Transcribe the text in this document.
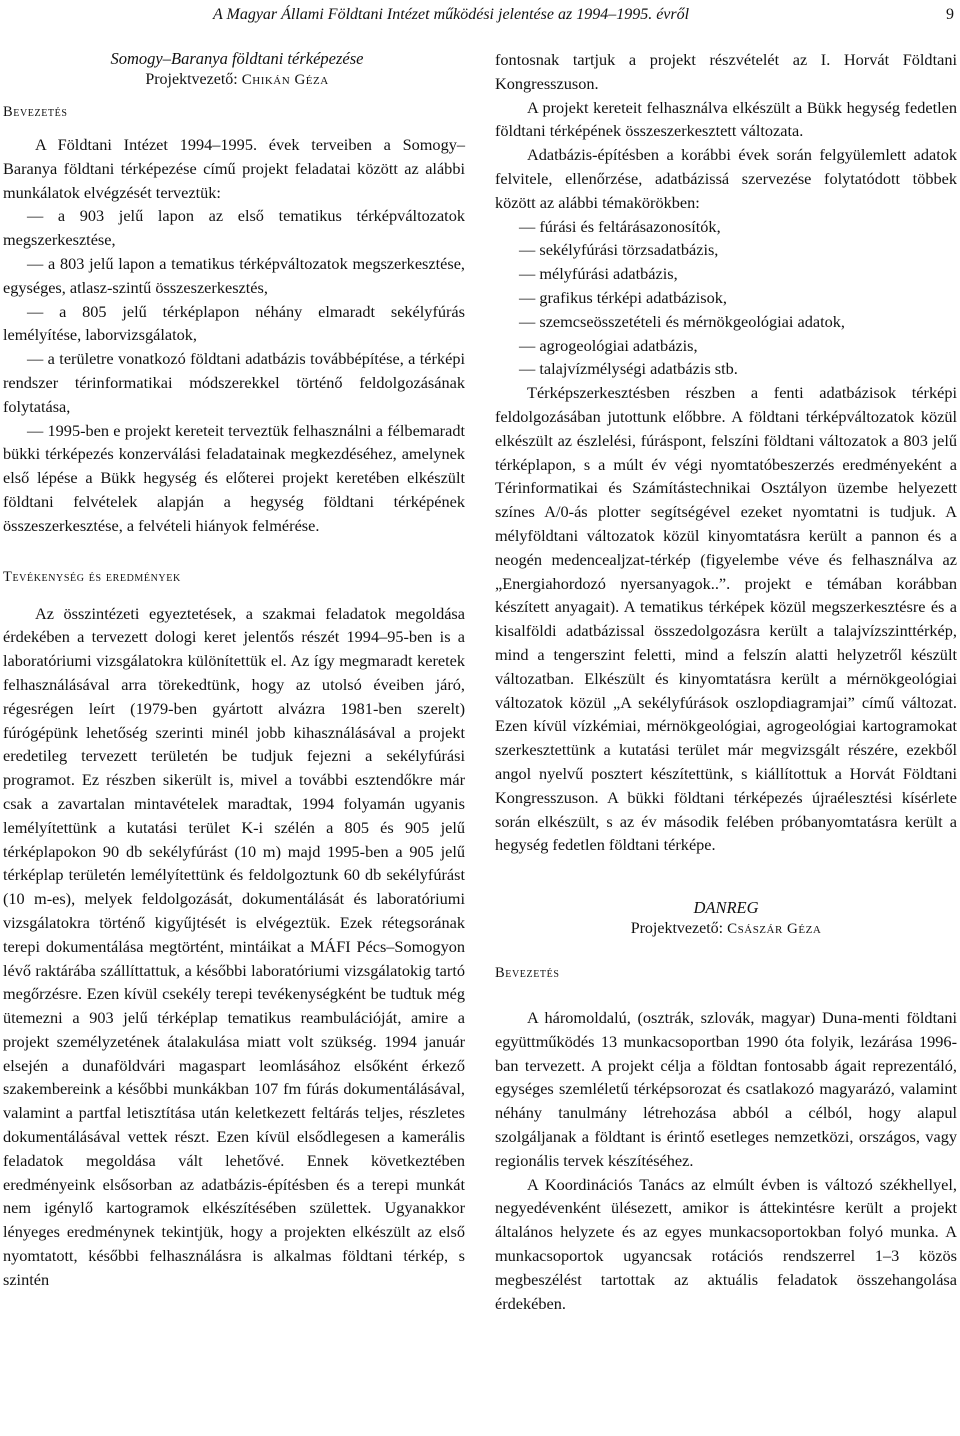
A Magyar Állami Földtani Intézet működési jelentése az 1994–1995. évről	9
Somogy–Baranya földtani térképezése
Projektvezető: Chikán Géza
Bevezetés

A Földtani Intézet 1994–1995. évek terveiben a Somogy–Baranya földtani térképezése című projekt feladatai között az alábbi munkálatok elvégzését terveztük:

— a 903 jelű lapon az első tematikus térképváltozatok megszerkesztése,

— a 803 jelű lapon a tematikus térképváltozatok megszerkesztése, egységes, atlasz-szintű összeszerkesztés,

— a 805 jelű térképlapon néhány elmaradt sekélyfúrás lemélyítése, laborvizsgálatok,

— a területre vonatkozó földtani adatbázis továbbépítése, a térképi rendszer térinformatikai módszerekkel történő feldolgozásának folytatása,

— 1995-ben e projekt kereteit terveztük felhasználni a félbemaradt bükki térképezés konzerválási feladatainak megkezdéséhez, amelynek első lépése a Bükk hegység és előterei projekt keretében elkészült földtani felvételek alapján a hegység földtani térképének összeszerkesztése, a felvételi hiányok felmérése.

Tevékenység és eredmények

Az összintézeti egyeztetések, a szakmai feladatok megoldása érdekében a tervezett dologi keret jelentős részét 1994–95-ben is a laboratóriumi vizsgálatokra különítettük el. Az így megmaradt keretek felhasználásával arra törekedtünk, hogy az utolsó éveiben járó, régesrégen leírt (1979-ben gyártott alvázra 1981-ben szerelt) fúrógépünk lehetőség szerinti minél jobb kihasználásával a projekt eredetileg tervezett területén be tudjuk fejezni a sekélyfúrási programot. Ez részben sikerült is, mivel a további esztendőkre már csak a zavartalan mintavételek maradtak, 1994 folyamán ugyanis lemélyítettünk a kutatási terület K-i szélén a 805 és 905 jelű térképlapokon 90 db sekélyfúrást (10 m) majd 1995-ben a 905 jelű térképlap területén lemélyítettünk és feldolgoztunk 60 db sekélyfúrást (10 m-es), melyek feldolgozását, dokumentálását és laboratóriumi vizsgálatokra történő kigyűjtését is elvégeztük. Ezek rétegsorának terepi dokumentálása megtörtént, mintáikat a MÁFI Pécs–Somogyon lévő raktárába szállíttattuk, a későbbi laboratóriumi vizsgálatokig tartó megőrzésre. Ezen kívül csekély terepi tevékenységként be tudtuk még ütemezni a 903 jelű térképlap tematikus reambulációját, amire a projekt személyzetének átalakulása miatt volt szükség. 1994 január elsején a dunaföldvári magaspart leomlásához elsőként érkező szakembereink a későbbi munkákban 107 fm fúrás dokumentálásával, valamint a partfal letisztítása után keletkezett feltárás teljes, részletes dokumentálásával vettek részt. Ezen kívül elsődlegesen a kamerális feladatok megoldása vált lehetővé. Ennek következtében eredményeink elsősorban az adatbázis-építésben és a terepi munkát nem igénylő kartogramok elkészítésében születtek. Ugyanakkor lényeges eredménynek tekintjük, hogy a projekten elkészült az első nyomtatott, későbbi felhasználásra is alkalmas földtani térkép, s szintén

fontosnak tartjuk a projekt részvételét az I. Horvát Földtani Kongresszuson.

A projekt kereteit felhasználva elkészült a Bükk hegység fedetlen földtani térképének összeszerkesztett változata.

Adatbázis-építésben a korábbi évek során felgyülemlett adatok felvitele, ellenőrzése, adatbázissá szervezése folytatódott többek között az alábbi témakörökben:

— fúrási és feltárásazonosítók,

— sekélyfúrási törzsadatbázis,

— mélyfúrási adatbázis,

— grafikus térképi adatbázisok,

— szemcseösszetételi és mérnökgeológiai adatok,

— agrogeológiai adatbázis,

— talajvízmélységi adatbázis stb.

Térképszerkesztésben részben a fenti adatbázisok térképi feldolgozásában jutottunk előbbre. A földtani térképváltozatok közül elkészült az észlelési, fúráspont, felszíni földtani változatok a 803 jelű térképlapon, s a múlt év végi nyomtatóbeszerzés eredményeként a Térinformatikai és Számítástechnikai Osztályon üzembe helyezett színes A/0-ás plotter segítségével ezeket nyomtatni is tudjuk. A mélyföldtani változatok közül kinyomtatásra került a pannon és a neogén medencealjzat-térkép (figyelembe véve és felhasználva az „Energiahordozó nyersanyagok..”. projekt e témában korábban készített anyagait). A tematikus térképek közül megszerkesztésre és a kisalföldi adatbázissal összedolgozásra került a talajvízszinttérkép, mind a tengerszint feletti, mind a felszín alatti helyzetről készült változatban. Elkészült és kinyomtatásra került a mérnökgeológiai változatok közül „A sekélyfúrások oszlopdiagramjai” című változat. Ezen kívül vízkémiai, mérnökgeológiai, agrogeológiai kartogramokat szerkesztettünk a kutatási terület már megvizsgált részére, ezekből angol nyelvű posztert készítettünk, s kiállítottuk a Horvát Földtani Kongresszuson. A bükki földtani térképezés újraélesztési kísérlete során elkészült, s az év második felében próbanyomtatásra került a hegység fedetlen földtani térképe.

DANREG
Projektvezető: Császár Géza
Bevezetés

A háromoldalú, (osztrák, szlovák, magyar) Duna-menti földtani együttműködés 13 munkacsoportban 1990 óta folyik, lezárása 1996-ban tervezett. A projekt célja a földtan fontosabb ágait reprezentáló, egységes szemléletű térképsorozat és csatlakozó magyarázó, valamint néhány tanulmány létrehozása abból a célból, hogy alapul szolgáljanak a földtant is érintő esetleges nemzetközi, országos, vagy regionális tervek készítéséhez.

A Koordinációs Tanács az elmúlt évben is változó székhellyel, negyedévenként ülésezett, amikor is áttekintésre került a projekt általános helyzete és az egyes munkacsoportokban folyó munka. A munkacsoportok ugyancsak rotációs rendszerrel 1–3 közös megbeszélést tartottak az aktuális feladatok összehangolása érdekében.
